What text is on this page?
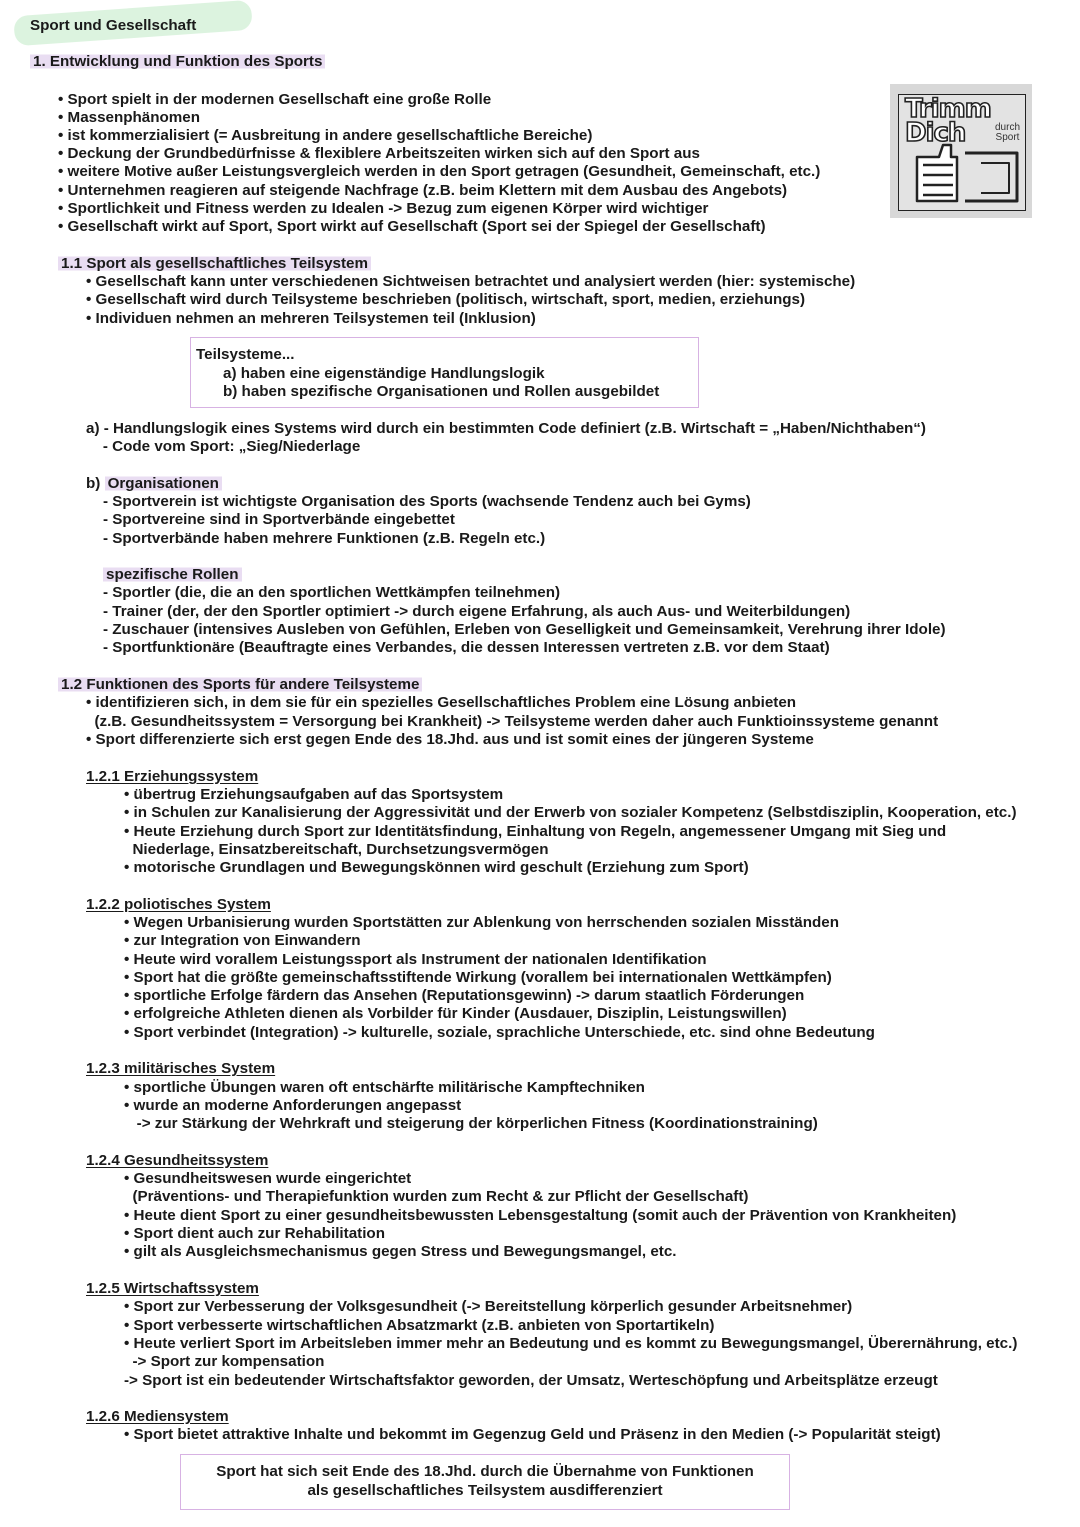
Sport und Gesellschaft
1. Entwicklung und Funktion des Sports
• Sport spielt in der modernen Gesellschaft eine große Rolle
• Massenphänomen
• ist kommerzialisiert (= Ausbreitung in andere gesellschaftliche Bereiche)
• Deckung der Grundbedürfnisse & flexiblere Arbeitszeiten wirken sich auf den Sport aus
• weitere Motive außer Leistungsvergleich werden in den Sport getragen (Gesundheit, Gemeinschaft, etc.)
• Unternehmen reagieren auf steigende Nachfrage (z.B. beim Klettern mit dem Ausbau des Angebots)
• Sportlichkeit und Fitness werden zu Idealen -> Bezug zum eigenen Körper wird wichtiger
• Gesellschaft wirkt auf Sport, Sport wirkt auf Gesellschaft (Sport sei der Spiegel der Gesellschaft)
Trimm
Dich	durch
Sport
1.1 Sport als gesellschaftliches Teilsystem
• Gesellschaft kann unter verschiedenen Sichtweisen betrachtet und analysiert werden (hier: systemische)
• Gesellschaft wird durch Teilsysteme beschrieben (politisch, wirtschaft, sport, medien, erziehungs)
• Individuen nehmen an mehreren Teilsystemen teil (Inklusion)
Teilsysteme...
a) haben eine eigenständige Handlungslogik
b) haben spezifische Organisationen und Rollen ausgebildet
a) - Handlungslogik eines Systems wird durch ein bestimmten Code definiert (z.B. Wirtschaft = „Haben/Nichthaben“)
- Code vom Sport: „Sieg/Niederlage
b) Organisationen
- Sportverein ist wichtigste Organisation des Sports (wachsende Tendenz auch bei Gyms)
- Sportvereine sind in Sportverbände eingebettet
- Sportverbände haben mehrere Funktionen (z.B. Regeln etc.)
spezifische Rollen
- Sportler (die, die an den sportlichen Wettkämpfen teilnehmen)
- Trainer (der, der den Sportler optimiert -> durch eigene Erfahrung, als auch Aus- und Weiterbildungen)
- Zuschauer (intensives Ausleben von Gefühlen, Erleben von Geselligkeit und Gemeinsamkeit, Verehrung ihrer Idole)
- Sportfunktionäre (Beauftragte eines Verbandes, die dessen Interessen vertreten z.B. vor dem Staat)
1.2 Funktionen des Sports für andere Teilsysteme
• identifizieren sich, in dem sie für ein spezielles Gesellschaftliches Problem eine Lösung anbieten
(z.B. Gesundheitssystem = Versorgung bei Krankheit) -> Teilsysteme werden daher auch Funktioinssysteme genannt
• Sport differenzierte sich erst gegen Ende des 18.Jhd. aus und ist somit eines der jüngeren Systeme
1.2.1 Erziehungssystem
• übertrug Erziehungsaufgaben auf das Sportsystem
• in Schulen zur Kanalisierung der Aggressivität und der Erwerb von sozialer Kompetenz (Selbstdisziplin, Kooperation, etc.)
• Heute Erziehung durch Sport zur Identitätsfindung, Einhaltung von Regeln, angemessener Umgang mit Sieg und
Niederlage, Einsatzbereitschaft, Durchsetzungsvermögen
• motorische Grundlagen und Bewegungskönnen wird geschult (Erziehung zum Sport)
1.2.2 poliotisches System
• Wegen Urbanisierung wurden Sportstätten zur Ablenkung von herrschenden sozialen Misständen
• zur Integration von Einwandern
• Heute wird vorallem Leistungssport als Instrument der nationalen Identifikation
• Sport hat die größte gemeinschaftsstiftende Wirkung (vorallem bei internationalen Wettkämpfen)
• sportliche Erfolge färdern das Ansehen (Reputationsgewinn) -> darum staatlich Förderungen
• erfolgreiche Athleten dienen als Vorbilder für Kinder (Ausdauer, Disziplin, Leistungswillen)
• Sport verbindet (Integration) -> kulturelle, soziale, sprachliche Unterschiede, etc. sind ohne Bedeutung
1.2.3 militärisches System
• sportliche Übungen waren oft entschärfte militärische Kampftechniken
• wurde an moderne Anforderungen angepasst
-> zur Stärkung der Wehrkraft und steigerung der körperlichen Fitness (Koordinationstraining)
1.2.4 Gesundheitssystem
• Gesundheitswesen wurde eingerichtet
(Präventions- und Therapiefunktion wurden zum Recht & zur Pflicht der Gesellschaft)
• Heute dient Sport zu einer gesundheitsbewussten Lebensgestaltung (somit auch der Prävention von Krankheiten)
• Sport dient auch zur Rehabilitation
• gilt als Ausgleichsmechanismus gegen Stress und Bewegungsmangel, etc.
1.2.5 Wirtschaftssystem
• Sport zur Verbesserung der Volksgesundheit (-> Bereitstellung körperlich gesunder Arbeitsnehmer)
• Sport verbesserte wirtschaftlichen Absatzmarkt (z.B. anbieten von Sportartikeln)
• Heute verliert Sport im Arbeitsleben immer mehr an Bedeutung und es kommt zu Bewegungsmangel, Überernährung, etc.)
-> Sport zur kompensation
-> Sport ist ein bedeutender Wirtschaftsfaktor geworden, der Umsatz, Werteschöpfung und Arbeitsplätze erzeugt
1.2.6 Mediensystem
• Sport bietet attraktive Inhalte und bekommt im Gegenzug Geld und Präsenz in den Medien (-> Popularität steigt)
Sport hat sich seit Ende des 18.Jhd. durch die Übernahme von Funktionen
als gesellschaftliches Teilsystem ausdifferenziert
